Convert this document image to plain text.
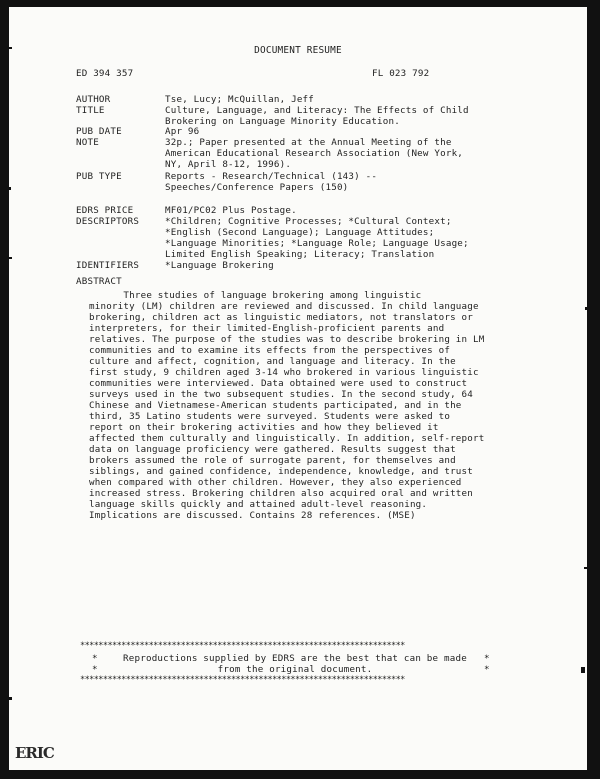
DOCUMENT RESUME
ED 394 357	FL 023 792
AUTHOR	Tse, Lucy; McQuillan, Jeff
TITLE	Culture, Language, and Literacy: The Effects of Child
Brokering on Language Minority Education.
PUB DATE	Apr 96
NOTE	32p.; Paper presented at the Annual Meeting of the
American Educational Research Association (New York,
NY, April 8-12, 1996).
PUB TYPE	Reports - Research/Technical (143) --
Speeches/Conference Papers (150)
EDRS PRICE	MF01/PC02 Plus Postage.
DESCRIPTORS	*Children; Cognitive Processes; *Cultural Context;
*English (Second Language); Language Attitudes;
*Language Minorities; *Language Role; Language Usage;
Limited English Speaking; Literacy; Translation
IDENTIFIERS	*Language Brokering
ABSTRACT
Three studies of language brokering among linguistic
minority (LM) children are reviewed and discussed. In child language
brokering, children act as linguistic mediators, not translators or
interpreters, for their limited-English-proficient parents and
relatives. The purpose of the studies was to describe brokering in LM
communities and to examine its effects from the perspectives of
culture and affect, cognition, and language and literacy. In the
first study, 9 children aged 3-14 who brokered in various linguistic
communities were interviewed. Data obtained were used to construct
surveys used in the two subsequent studies. In the second study, 64
Chinese and Vietnamese-American students participated, and in the
third, 35 Latino students were surveyed. Students were asked to
report on their brokering activities and how they believed it
affected them culturally and linguistically. In addition, self-report
data on language proficiency were gathered. Results suggest that
brokers assumed the role of surrogate parent, for themselves and
siblings, and gained confidence, independence, knowledge, and trust
when compared with other children. However, they also experienced
increased stress. Brokering children also acquired oral and written
language skills quickly and attained adult-level reasoning.
Implications are discussed. Contains 28 references. (MSE)
***********************************************************************
*	Reproductions supplied by EDRS are the best that can be made	*
*	from the original document.	*
***********************************************************************
ERIC
